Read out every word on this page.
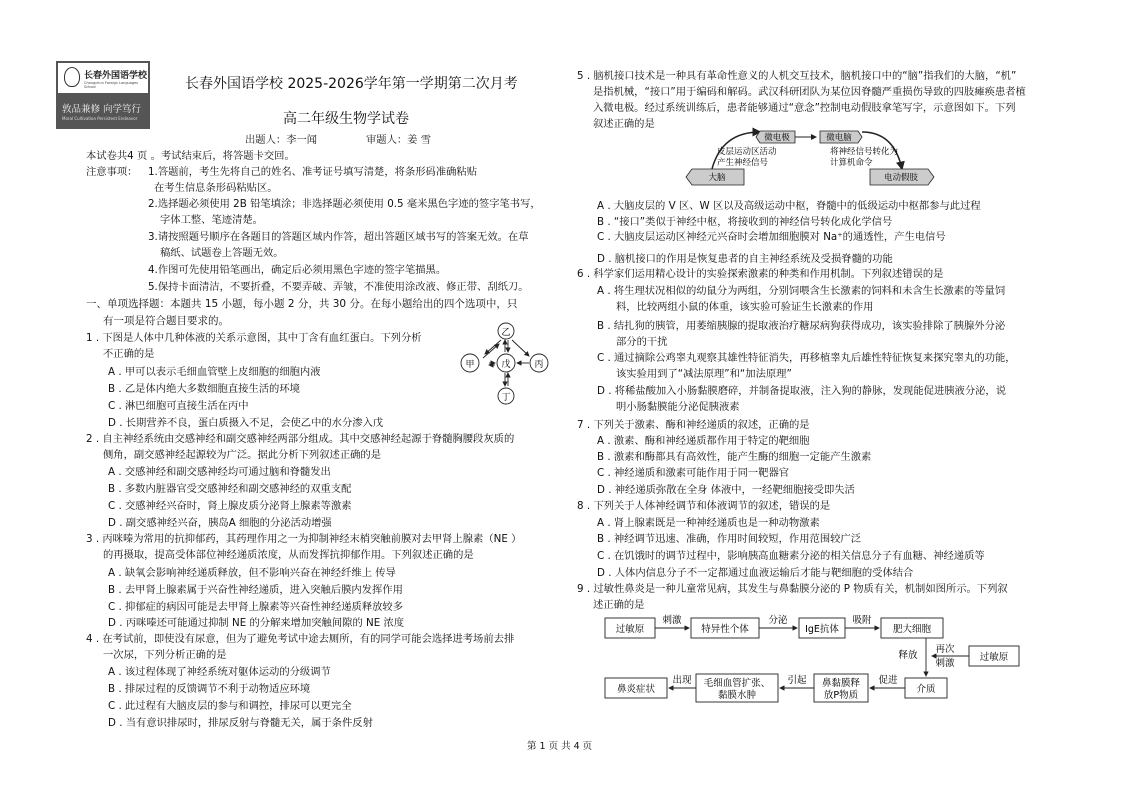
长春外国语学校
Changchun Foreign Languages School
敦品兼修 向学笃行
Moral Cultivation Persistent Endeavor
长春外国语学校 2025-2026学年第一学期第二次月考
高二年级生物学试卷
出题人：李一闻	审题人：姜 雪
本试卷共4 页 。考试结束后，将答题卡交回。
注意事项： 1.答题前，考生先将自己的姓名、准考证号填写清楚，将条形码准确粘贴
在考生信息条形码粘贴区。
2.选择题必须使用 2B 铅笔填涂；非选择题必须使用 0.5 毫米黑色字迹的签字笔书写，
字体工整、笔迹清楚。
3.请按照题号顺序在各题目的答题区域内作答，超出答题区域书写的答案无效。在草
稿纸、试题卷上答题无效。
4.作图可先使用铅笔画出，确定后必须用黑色字迹的签字笔描黑。
5.保持卡面清洁，不要折叠，不要弄破、弄皱，不准使用涂改液、修正带、刮纸刀。
一、单项选择题：本题共 15 小题，每小题 2 分，共 30 分。在每小题给出的四个选项中，只
有一项是符合题目要求的。
1 . 下图是人体中几种体液的关系示意图，其中丁含有血红蛋白。下列分析
不正确的是
A . 甲可以表示毛细血管壁上皮细胞的细胞内液
B . 乙是体内绝大多数细胞直接生活的环境
C . 淋巴细胞可直接生活在丙中
D . 长期营养不良，蛋白质摄入不足，会使乙中的水分渗入戊
乙
甲	戊	丙
丁
2 . 自主神经系统由交感神经和副交感神经两部分组成。其中交感神经起源于脊髓胸腰段灰质的
侧角，副交感神经起源较为广泛。据此分析下列叙述正确的是
A . 交感神经和副交感神经均可通过脑和脊髓发出
B . 多数内脏器官受交感神经和副交感神经的双重支配
C . 交感神经兴奋时，肾上腺皮质分泌肾上腺素等激素
D . 副交感神经兴奋，胰岛A 细胞的分泌活动增强
3 . 丙咪嗪为常用的抗抑郁药，其药理作用之一为抑制神经末梢突触前膜对去甲肾上腺素（NE ）
的再摄取，提高受体部位神经递质浓度，从而发挥抗抑郁作用。下列叙述正确的是
A . 缺氧会影响神经递质释放，但不影响兴奋在神经纤维上 传导
B . 去甲肾上腺素属于兴奋性神经递质，进入突触后膜内发挥作用
C . 抑郁症的病因可能是去甲肾上腺素等兴奋性神经递质释放较多
D . 丙咪嗪还可能通过抑制 NE 的分解来增加突触间隙的 NE 浓度
4 . 在考试前，即使没有尿意，但为了避免考试中途去厕所，有的同学可能会选择进考场前去排
一次尿，下列分析正确的是
A . 该过程体现了神经系统对躯体运动的分级调节
B . 排尿过程的反馈调节不利于动物适应环境
C . 此过程有大脑皮层的参与和调控，排尿可以更完全
D . 当有意识排尿时，排尿反射与脊髓无关，属于条件反射
5 . 脑机接口技术是一种具有革命性意义的人机交互技术，脑机接口中的“脑”指我们的大脑，“机”
是指机械，“接口”用于编码和解码。武汉科研团队为某位因脊髓严重损伤导致的四肢瘫痪患者植
入微电极。经过系统训练后，患者能够通过“意念”控制电动假肢拿笔写字，示意图如下。下列
叙述正确的是
微电极	微电脑
大脑	电动假肢
皮层运动区活动
产生神经信号
将神经信号转化为
计算机命令
A . 大脑皮层的 V 区、W 区以及高级运动中枢，脊髓中的低级运动中枢都参与此过程
B . “接口”类似于神经中枢，将接收到的神经信号转化成化学信号
C . 大脑皮层运动区神经元兴奋时会增加细胞膜对 Na⁺的通透性，产生电信号
D . 脑机接口的作用是恢复患者的自主神经系统及受损脊髓的功能
6 . 科学家们运用精心设计的实验探索激素的种类和作用机制。下列叙述错误的是
A . 将生理状况相似的幼鼠分为两组，分别饲喂含生长激素的饲料和未含生长激素的等量饲
料，比较两组小鼠的体重，该实验可验证生长激素的作用
B . 结扎狗的胰管，用萎缩胰腺的提取液治疗糖尿病狗获得成功，该实验排除了胰腺外分泌
部分的干扰
C . 通过摘除公鸡睾丸观察其雄性特征消失，再移植睾丸后雄性特征恢复来探究睾丸的功能，
该实验用到了“减法原理”和“加法原理”
D . 将稀盐酸加入小肠黏膜磨碎，并制备提取液，注入狗的静脉，发现能促进胰液分泌，说
明小肠黏膜能分泌促胰液素
7 . 下列关于激素、酶和神经递质的叙述，正确的是
A . 激素、酶和神经递质都作用于特定的靶细胞
B . 激素和酶都具有高效性，能产生酶的细胞一定能产生激素
C . 神经递质和激素可能作用于同一靶器官
D . 神经递质弥散在全身 体液中，一经靶细胞接受即失活
8 . 下列关于人体神经调节和体液调节的叙述，错误的是
A . 肾上腺素既是一种神经递质也是一种动物激素
B . 神经调节迅速、准确，作用时间较短，作用范围较广泛
C . 在饥饿时的调节过程中，影响胰高血糖素分泌的相关信息分子有血糖、神经递质等
D . 人体内信息分子不一定都通过血液运输后才能与靶细胞的受体结合
9 . 过敏性鼻炎是一种儿童常见病，其发生与鼻黏膜分泌的 P 物质有关，机制如图所示。下列叙
述正确的是
过敏原
刺激
特异性个体
分泌
IgE抗体
吸附
肥大细胞
再次
刺激
过敏原
释放
介质
促进
鼻黏膜释
放P物质
引起
毛细血管扩张、
黏膜水肿
出现
鼻炎症状
第 1 页 共 4 页
